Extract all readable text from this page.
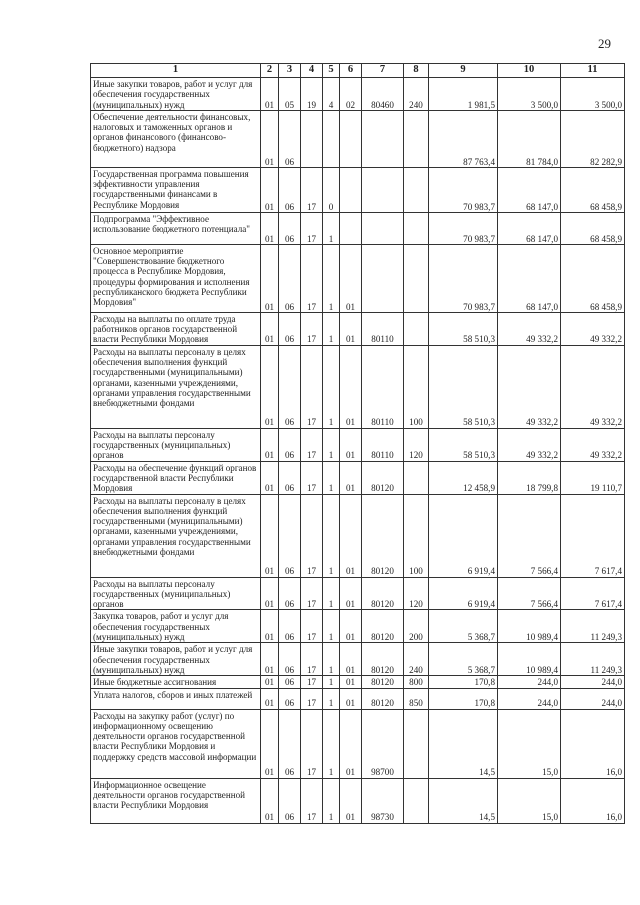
29
1	2	3	4	5	6	7	8	9	10	11
Иные закупки товаров, работ и услуг для обеспечения государственных (муниципальных) нужд	01	05	19	4	02	80460	240	1 981,5	3 500,0	3 500,0
Обеспечение деятельности финансовых, налоговых и таможенных органов и органов финансового (финансово-бюджетного) надзора	01	06						87 763,4	81 784,0	82 282,9
Государственная программа повышения эффективности управления государственными финансами в Республике Мордовия	01	06	17	0				70 983,7	68 147,0	68 458,9
Подпрограмма "Эффективное использование бюджетного потенциала"	01	06	17	1				70 983,7	68 147,0	68 458,9
Основное мероприятие "Совершенствование бюджетного процесса в Республике Мордовия, процедуры формирования и исполнения республиканского бюджета Республики Мордовия"	01	06	17	1	01			70 983,7	68 147,0	68 458,9
Расходы на выплаты по оплате труда работников органов государственной власти Республики Мордовия	01	06	17	1	01	80110		58 510,3	49 332,2	49 332,2
Расходы на выплаты персоналу в целях обеспечения выполнения функций государственными (муниципальными) органами, казенными учреждениями, органами управления государственными внебюджетными фондами	01	06	17	1	01	80110	100	58 510,3	49 332,2	49 332,2
Расходы на выплаты персоналу государственных (муниципальных) органов	01	06	17	1	01	80110	120	58 510,3	49 332,2	49 332,2
Расходы на обеспечение функций органов государственной власти Республики Мордовия	01	06	17	1	01	80120		12 458,9	18 799,8	19 110,7
Расходы на выплаты персоналу в целях обеспечения выполнения функций государственными (муниципальными) органами, казенными учреждениями, органами управления государственными внебюджетными фондами	01	06	17	1	01	80120	100	6 919,4	7 566,4	7 617,4
Расходы на выплаты персоналу государственных (муниципальных) органов	01	06	17	1	01	80120	120	6 919,4	7 566,4	7 617,4
Закупка товаров, работ и услуг для обеспечения государственных (муниципальных) нужд	01	06	17	1	01	80120	200	5 368,7	10 989,4	11 249,3
Иные закупки товаров, работ и услуг для обеспечения государственных (муниципальных) нужд	01	06	17	1	01	80120	240	5 368,7	10 989,4	11 249,3
Иные бюджетные ассигнования	01	06	17	1	01	80120	800	170,8	244,0	244,0
Уплата налогов, сборов и иных платежей	01	06	17	1	01	80120	850	170,8	244,0	244,0
Расходы на закупку работ (услуг) по информационному освещению деятельности органов государственной власти Республики Мордовия и поддержку средств массовой информации	01	06	17	1	01	98700		14,5	15,0	16,0
Информационное освещение деятельности органов государственной власти Республики Мордовия	01	06	17	1	01	98730		14,5	15,0	16,0
